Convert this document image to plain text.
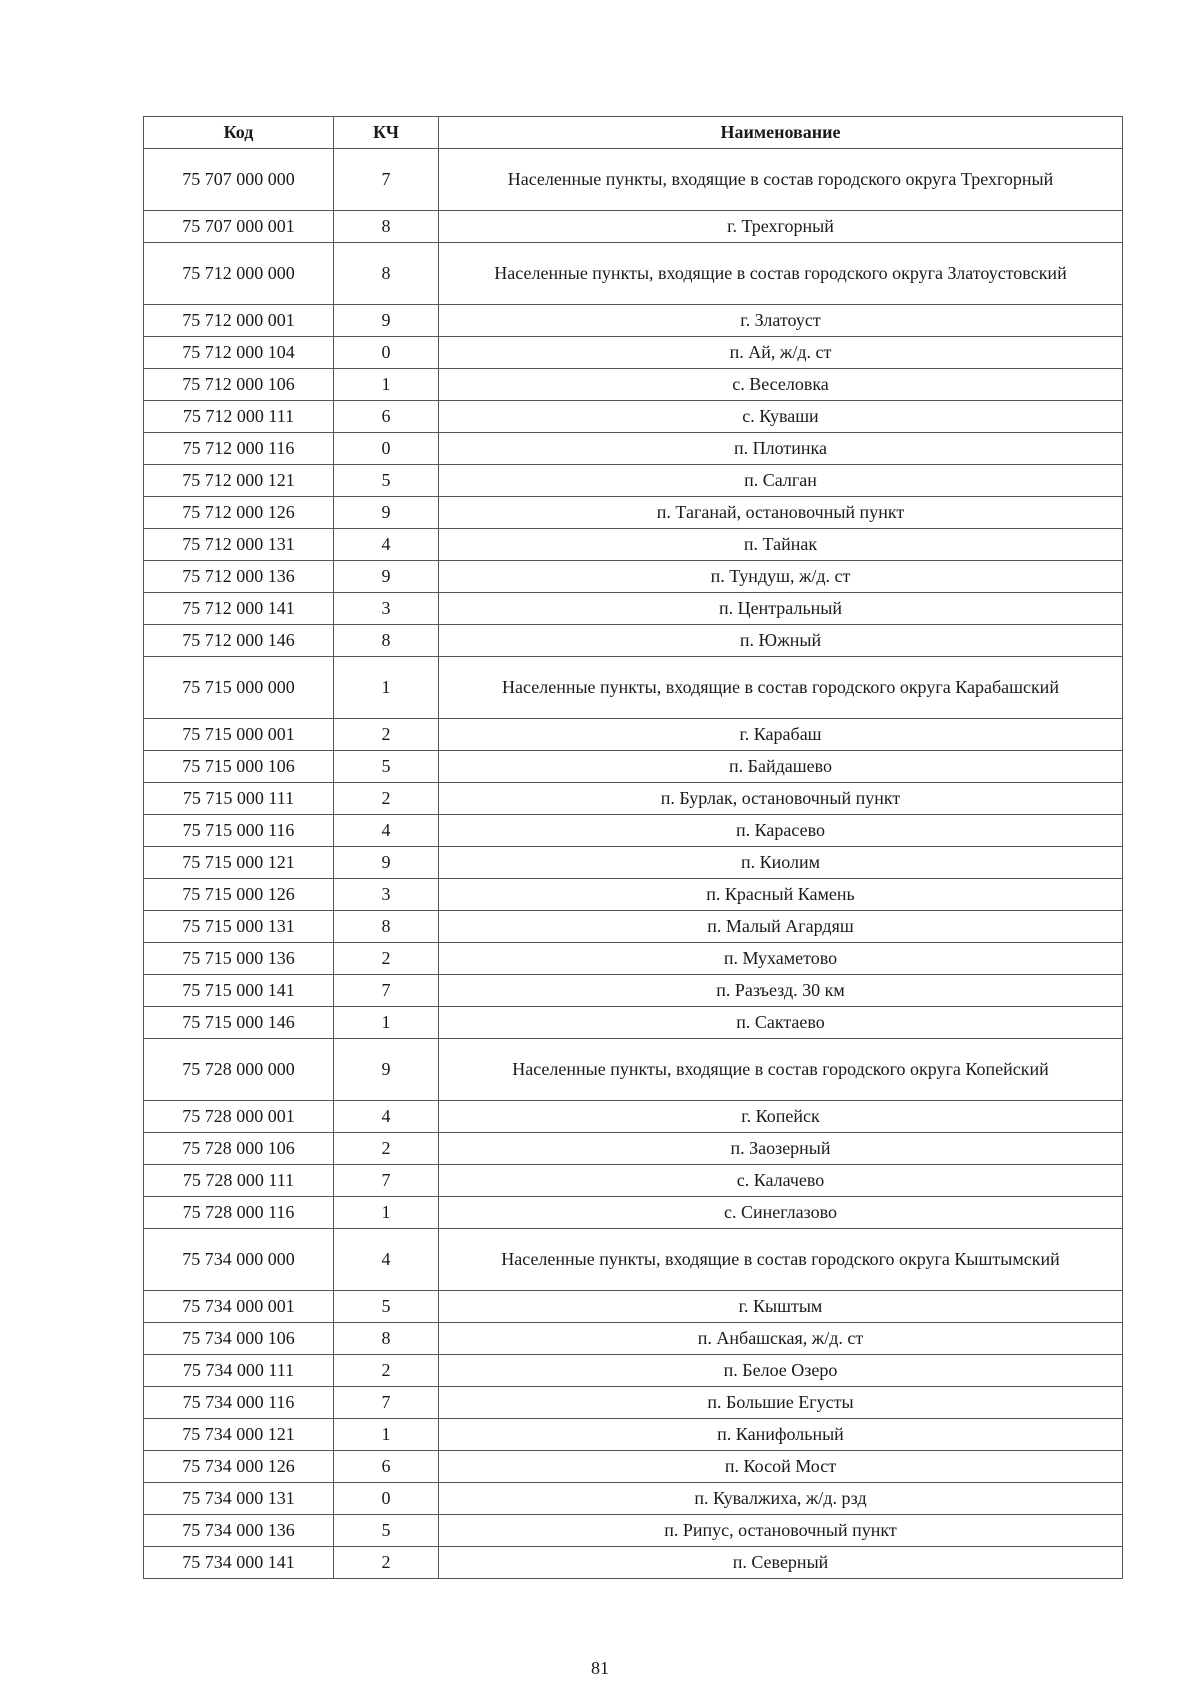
Код	КЧ	Наименование
75 707 000 000	7	Населенные пункты, входящие в состав городского округа Трехгорный
75 707 000 001	8	г. Трехгорный
75 712 000 000	8	Населенные пункты, входящие в состав городского округа Златоустовский
75 712 000 001	9	г. Златоуст
75 712 000 104	0	п. Ай, ж/д. ст
75 712 000 106	1	с. Веселовка
75 712 000 111	6	с. Куваши
75 712 000 116	0	п. Плотинка
75 712 000 121	5	п. Салган
75 712 000 126	9	п. Таганай, остановочный пункт
75 712 000 131	4	п. Тайнак
75 712 000 136	9	п. Тундуш, ж/д. ст
75 712 000 141	3	п. Центральный
75 712 000 146	8	п. Южный
75 715 000 000	1	Населенные пункты, входящие в состав городского округа Карабашский
75 715 000 001	2	г. Карабаш
75 715 000 106	5	п. Байдашево
75 715 000 111	2	п. Бурлак, остановочный пункт
75 715 000 116	4	п. Карасево
75 715 000 121	9	п. Киолим
75 715 000 126	3	п. Красный Камень
75 715 000 131	8	п. Малый Агардяш
75 715 000 136	2	п. Мухаметово
75 715 000 141	7	п. Разъезд. 30 км
75 715 000 146	1	п. Сактаево
75 728 000 000	9	Населенные пункты, входящие в состав городского округа Копейский
75 728 000 001	4	г. Копейск
75 728 000 106	2	п. Заозерный
75 728 000 111	7	с. Калачево
75 728 000 116	1	с. Синеглазово
75 734 000 000	4	Населенные пункты, входящие в состав городского округа Кыштымский
75 734 000 001	5	г. Кыштым
75 734 000 106	8	п. Анбашская, ж/д. ст
75 734 000 111	2	п. Белое Озеро
75 734 000 116	7	п. Большие Егусты
75 734 000 121	1	п. Канифольный
75 734 000 126	6	п. Косой Мост
75 734 000 131	0	п. Кувалжиха, ж/д. рзд
75 734 000 136	5	п. Рипус, остановочный пункт
75 734 000 141	2	п. Северный
81
